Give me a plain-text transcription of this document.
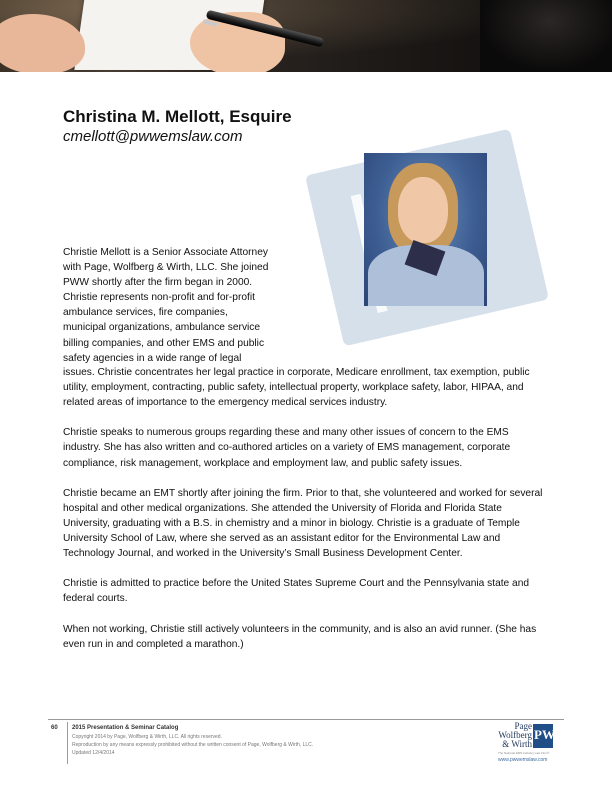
Christina M. Mellott, Esquire
cmellott@pwwemslaw.com

Christie Mellott is a Senior Associate Attorney
with Page, Wolfberg & Wirth, LLC. She joined
PWW shortly after the firm began in 2000.
Christie represents non-profit and for-profit
ambulance services, fire companies,
municipal organizations, ambulance service
billing companies, and other EMS and public
safety agencies in a wide range of legal
issues. Christie concentrates her legal practice in corporate, Medicare enrollment, tax exemption, public utility, employment, contracting, public safety, intellectual property, workplace safety, labor, HIPAA, and related areas of importance to the emergency medical services industry.

Christie speaks to numerous groups regarding these and many other issues of concern to the EMS industry. She has also written and co-authored articles on a variety of EMS management, corporate compliance, risk management, workplace and employment law, and public safety issues.

Christie became an EMT shortly after joining the firm. Prior to that, she volunteered and worked for several hospital and other medical organizations. She attended the University of Florida and Florida State University, graduating with a B.S. in chemistry and a minor in biology. Christie is a graduate of Temple University School of Law, where she served as an assistant editor for the Environmental Law and Technology Journal, and worked in the University’s Small Business Development Center.

Christie is admitted to practice before the United States Supreme Court and the Pennsylvania state and federal courts.

When not working, Christie still actively volunteers in the community, and is also an avid runner. (She has even run in and completed a marathon.)

60 2015 Presentation & Seminar Catalog
Copyright 2014 by Page, Wolfberg & Wirth, LLC. All rights reserved.
Reproduction by any means expressly prohibited without the written consent of Page, Wolfberg & Wirth, LLC.
Updated 12/4/2014
Page
Wolfberg
& Wirth
PW
The National EMS Industry Law Firm®
www.pwwemslaw.com
